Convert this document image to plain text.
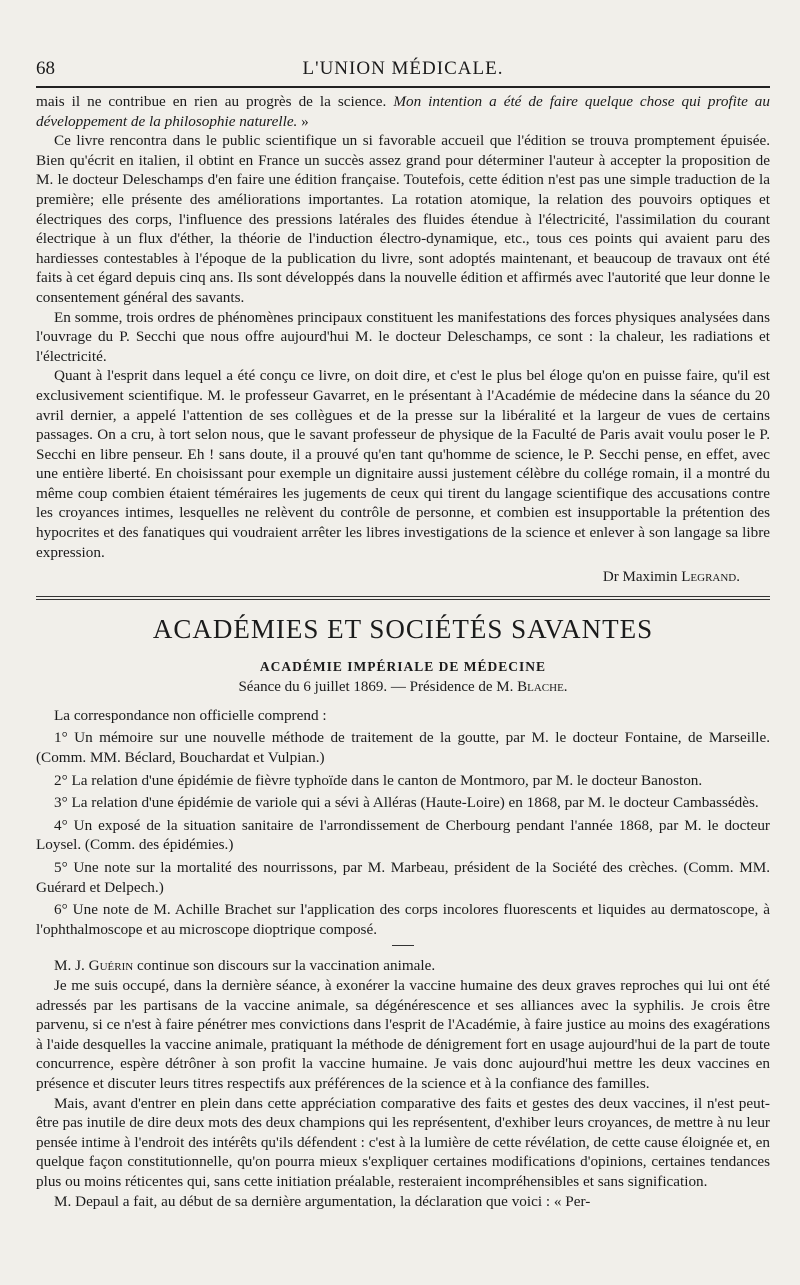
68	L'UNION MÉDICALE.

mais il ne contribue en rien au progrès de la science. Mon intention a été de faire quelque chose qui profite au développement de la philosophie naturelle. »

Ce livre rencontra dans le public scientifique un si favorable accueil que l'édition se trouva promptement épuisée. Bien qu'écrit en italien, il obtint en France un succès assez grand pour déterminer l'auteur à accepter la proposition de M. le docteur Deleschamps d'en faire une édition française. Toutefois, cette édition n'est pas une simple traduction de la première; elle présente des améliorations importantes. La rotation atomique, la relation des pouvoirs optiques et électriques des corps, l'influence des pressions latérales des fluides étendue à l'électricité, l'assimilation du courant électrique à un flux d'éther, la théorie de l'induction électro-dynamique, etc., tous ces points qui avaient paru des hardiesses contestables à l'époque de la publication du livre, sont adoptés maintenant, et beaucoup de travaux ont été faits à cet égard depuis cinq ans. Ils sont développés dans la nouvelle édition et affirmés avec l'autorité que leur donne le consentement général des savants.

En somme, trois ordres de phénomènes principaux constituent les manifestations des forces physiques analysées dans l'ouvrage du P. Secchi que nous offre aujourd'hui M. le docteur Deleschamps, ce sont : la chaleur, les radiations et l'électricité.

Quant à l'esprit dans lequel a été conçu ce livre, on doit dire, et c'est le plus bel éloge qu'on en puisse faire, qu'il est exclusivement scientifique. M. le professeur Gavarret, en le présentant à l'Académie de médecine dans la séance du 20 avril dernier, a appelé l'attention de ses collègues et de la presse sur la libéralité et la largeur de vues de certains passages. On a cru, à tort selon nous, que le savant professeur de physique de la Faculté de Paris avait voulu poser le P. Secchi en libre penseur. Eh ! sans doute, il a prouvé qu'en tant qu'homme de science, le P. Secchi pense, en effet, avec une entière liberté. En choisissant pour exemple un dignitaire aussi justement célèbre du collége romain, il a montré du même coup combien étaient téméraires les jugements de ceux qui tirent du langage scientifique des accusations contre les croyances intimes, lesquelles ne relèvent du contrôle de personne, et combien est insupportable la prétention des hypocrites et des fanatiques qui voudraient arrêter les libres investigations de la science et enlever à son langage sa libre expression.

Dr Maximin Legrand.
ACADÉMIES ET SOCIÉTÉS SAVANTES
ACADÉMIE IMPÉRIALE DE MÉDECINE
Séance du 6 juillet 1869. — Présidence de M. Blache.

La correspondance non officielle comprend :

1° Un mémoire sur une nouvelle méthode de traitement de la goutte, par M. le docteur Fontaine, de Marseille. (Comm. MM. Béclard, Bouchardat et Vulpian.)

2° La relation d'une épidémie de fièvre typhoïde dans le canton de Montmoro, par M. le docteur Banoston.

3° La relation d'une épidémie de variole qui a sévi à Alléras (Haute-Loire) en 1868, par M. le docteur Cambassédès.

4° Un exposé de la situation sanitaire de l'arrondissement de Cherbourg pendant l'année 1868, par M. le docteur Loysel. (Comm. des épidémies.)

5° Une note sur la mortalité des nourrissons, par M. Marbeau, président de la Société des crèches. (Comm. MM. Guérard et Delpech.)

6° Une note de M. Achille Brachet sur l'application des corps incolores fluorescents et liquides au dermatoscope, à l'ophthalmoscope et au microscope dioptrique composé.

M. J. Guérin continue son discours sur la vaccination animale.

Je me suis occupé, dans la dernière séance, à exonérer la vaccine humaine des deux graves reproches qui lui ont été adressés par les partisans de la vaccine animale, sa dégénérescence et ses alliances avec la syphilis. Je crois être parvenu, si ce n'est à faire pénétrer mes convictions dans l'esprit de l'Académie, à faire justice au moins des exagérations à l'aide desquelles la vaccine animale, pratiquant la méthode de dénigrement fort en usage aujourd'hui de la part de toute concurrence, espère détrôner à son profit la vaccine humaine. Je vais donc aujourd'hui mettre les deux vaccines en présence et discuter leurs titres respectifs aux préférences de la science et à la confiance des familles.

Mais, avant d'entrer en plein dans cette appréciation comparative des faits et gestes des deux vaccines, il n'est peut-être pas inutile de dire deux mots des deux champions qui les représentent, d'exhiber leurs croyances, de mettre à nu leur pensée intime à l'endroit des intérêts qu'ils défendent : c'est à la lumière de cette révélation, de cette cause éloignée et, en quelque façon constitutionnelle, qu'on pourra mieux s'expliquer certaines modifications d'opinions, certaines tendances plus ou moins réticentes qui, sans cette initiation préalable, resteraient incompréhensibles et sans signification.

M. Depaul a fait, au début de sa dernière argumentation, la déclaration que voici : « Per-
